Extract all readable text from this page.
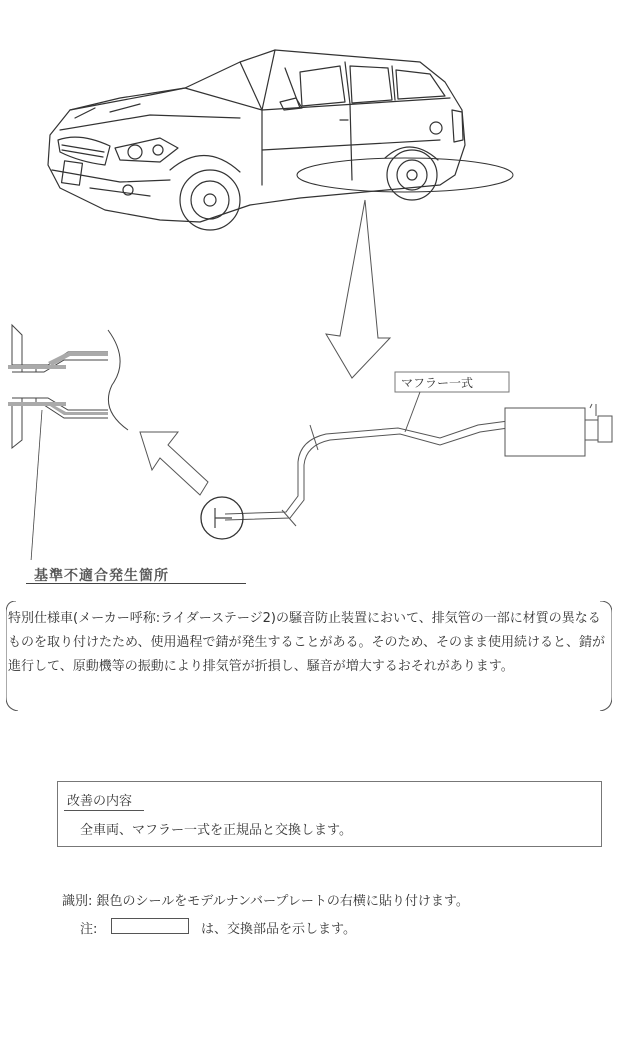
マフラー一式
基準不適合発生箇所
特別仕様車(メーカー呼称:ライダーステージ2)の騒音防止装置において、排気管の一部に材質の異なるものを取り付けたため、使用過程で錆が発生することがある。そのため、そのまま使用続けると、錆が進行して、原動機等の振動により排気管が折損し、騒音が増大するおそれがあります。
改善の内容
全車両、マフラー一式を正規品と交換します。
識別: 銀色のシールをモデルナンバープレートの右横に貼り付けます。
注:	は、交換部品を示します。
